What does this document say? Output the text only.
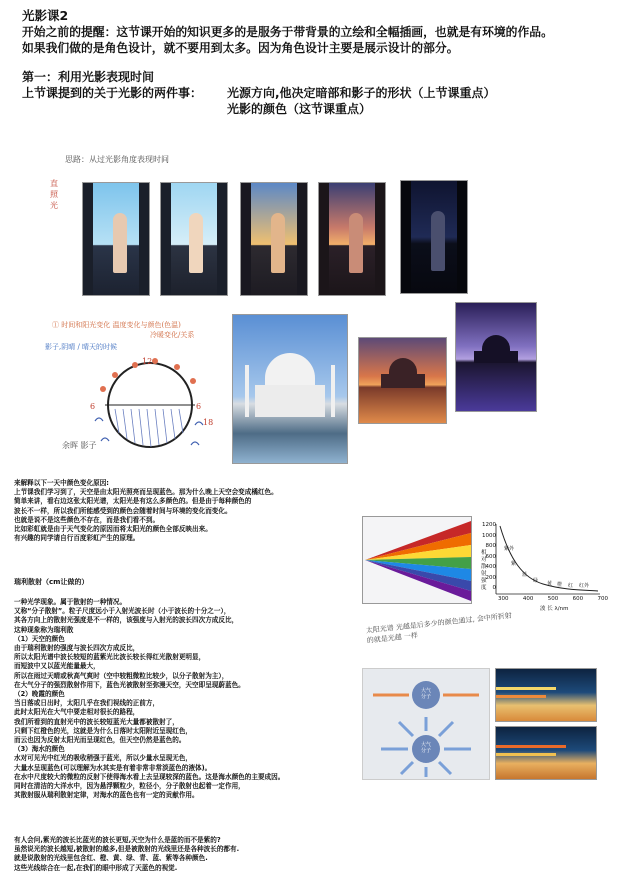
光影课2
开始之前的提醒：这节课开始的知识更多的是服务于带背景的立绘和全幅插画，也就是有环境的作品。
如果我们做的是角色设计，就不要用到太多。因为角色设计主要是展示设计的部分。
第一：利用光影表现时间
上节课提到的关于光影的两件事： 光源方向,他决定暗部和影子的形状（上节课重点）
光影的颜色（这节课重点）
思路：从过光影角度表现时间
直照光
① 时间和阳光变化 温度变化与颜色(色温)
影子,阴晴 / 晴天的时候
冷暖变化/关系
12
6	6
18
余晖 影子
来解释以下一天中颜色变化原因:
上节课我们学习到了，天空是由太阳光照亮而呈现蓝色。那为什么晚上天空会变成橘红色。
简单来讲，看右边这张太阳光谱，太阳光是有这么多颜色的。但是由于每种颜色的
波长不一样，所以我们所能感受到的颜色会随着时间与环境的变化而变化。
也就是说不是这些颜色不存在，而是我们看不到。
比如彩虹就是由于天气变化的原因而将太阳光的颜色全部反映出来。
有兴趣的同学请自行百度彩虹产生的原理。
太阳光谱 光越是后多少的颜色通过, 会中所折射的就是光越 一样
1200
1000
800
600
400
200
0
相对散射强度
300	400	500	600	700
波 长 λ/nm
紫外
紫
蓝
绿 黄 橙 红 红外
瑞利散射（cm让做的）
一种光学现象。属于散射的一种情况。
又称“分子散射”。粒子尺度远小于入射光波长时（小于波长的十分之一），
其各方向上的散射光强度是不一样的，该强度与入射光的波长四次方成反比，
这种现象称为瑞利散
（1）天空的颜色
由于瑞利散射的强度与波长四次方成反比，
所以太阳光谱中波长较短的蓝紫光比波长较长得红光散射更明显，
而短波中又以蓝光能量最大，
所以在雨过天晴或秋高气爽时（空中较粗微粒比较少，以分子散射为主），
在大气分子的强烈散射作用下，蓝色光被散射至弥漫天空，天空即呈现蔚蓝色。
（2）晚霞的颜色
当日落或日出时，太阳几乎在我们视线的正前方，
此时太阳光在大气中要走相对很长的路程，
我们所看到的直射光中的波长较短蓝光大量都被散射了，
只剩下红橙色的光，这就是为什么日落时太阳附近呈现红色，
而云也因为反射太阳光而呈现红色，但天空仍然是蓝色的。
（3）海水的颜色
水对可见光中红光的吸收稍强于蓝光，所以少量水呈现无色，
大量水呈现蓝色(可以理解为水其实是有着非常非常淡蓝色的液体)。
在水中尺度较大的微粒的反射下使得海水看上去呈现较深的蓝色。这是海水颜色的主要成因。
同时在清洁的大洋水中，因为悬浮颗粒少，粒径小，分子散射也起着一定作用，
其散射服从瑞利散射定律，对海水的蓝色也有一定的贡献作用。
大气
分子
大气
分子
有人会问,紫光的波长比蓝光的波长更短,天空为什么是蓝的而不是紫的?
虽然说光的波长越短,被散射的越多,但是被散射的光线里还是各种波长的都有.
就是说散射的光线里包含红、橙、黄、绿、青、蓝、紫等各种颜色.
这些光线综合在一起,在我们的眼中形成了天蓝色的视觉.
